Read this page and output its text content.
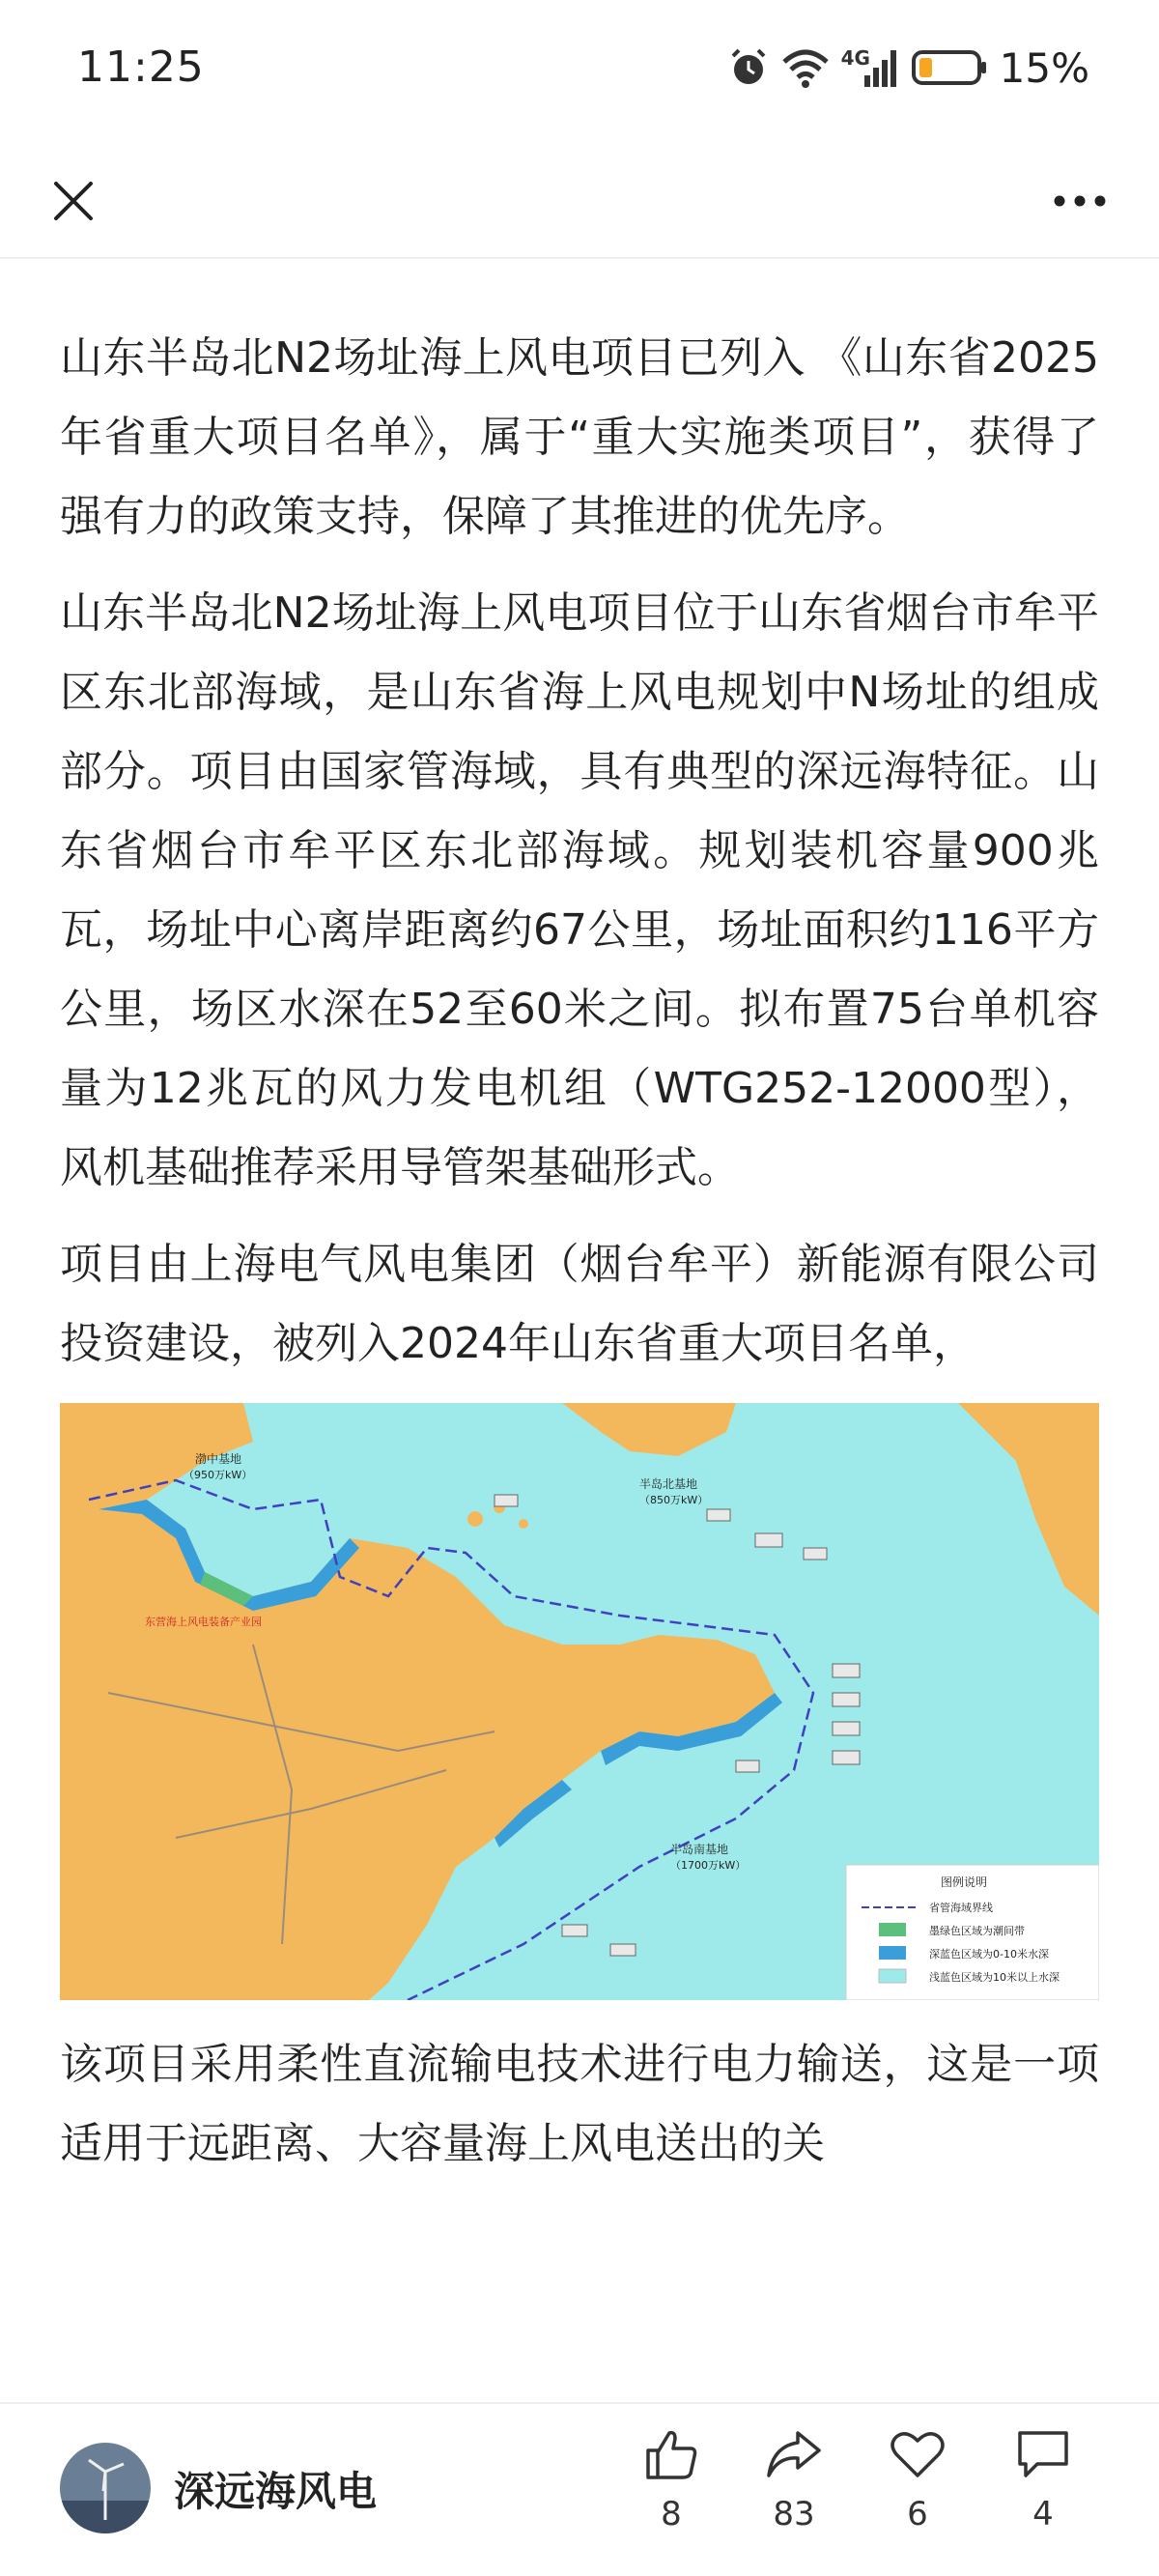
11:25	4G	15%

山东半岛北N2场址海上风电项目已列入 《山东省2025年省重大项目名单》，属于“重大实施类项目”，获得了强有力的政策支持，保障了其推进的优先序。

山东半岛北N2场址海上风电项目位于山东省烟台市牟平区东北部海域，是山东省海上风电规划中N场址的组成部分。项目由国家管海域，具有典型的深远海特征。山东省烟台市牟平区东北部海域。规划装机容量900兆瓦，场址中心离岸距离约67公里，场址面积约116平方公里，场区水深在52至60米之间。拟布置75台单机容量为12兆瓦的风力发电机组（WTG252-12000型），风机基础推荐采用导管架基础形式。

项目由上海电气风电集团（烟台牟平）新能源有限公司投资建设，被列入2024年山东省重大项目名单，

渤中基地
（950万kW）
半岛北基地
（850万kW）
半岛南基地
（1700万kW）
东营海上风电装备产业园
图例说明
省管海域界线
墨绿色区域为潮间带
深蓝色区域为0-10米水深
浅蓝色区域为10米以上水深

该项目采用柔性直流输电技术进行电力输送，这是一项适用于远距离、大容量海上风电送出的关

深远海风电	8	83	6	4
